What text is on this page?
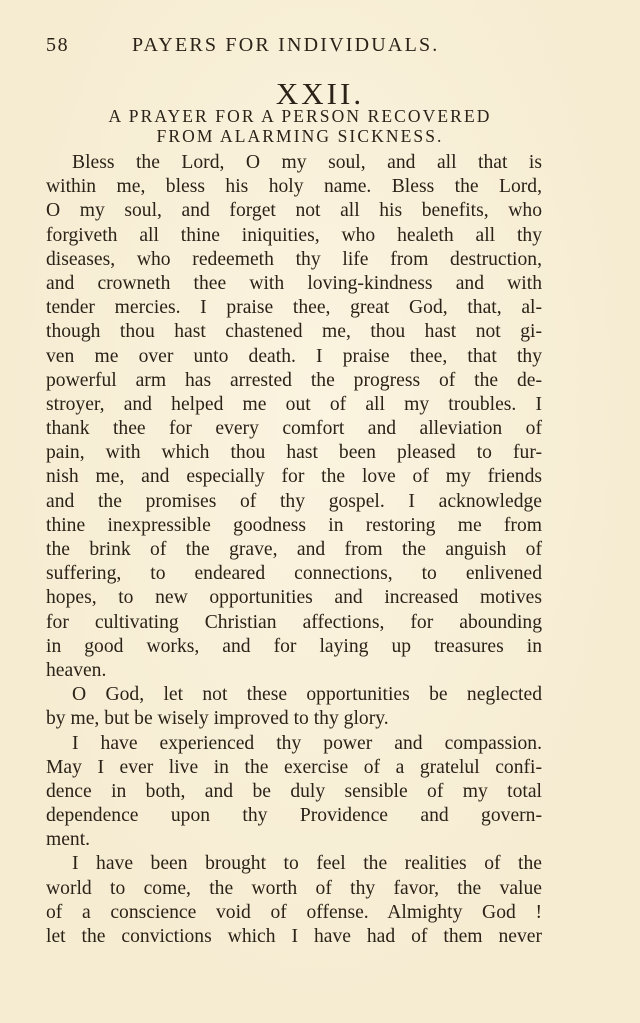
58	PAYERS FOR INDIVIDUALS.
XXII.
A PRAYER FOR A PERSON RECOVERED
FROM ALARMING SICKNESS.
Bless the Lord, O my soul, and all that is
within me, bless his holy name. Bless the Lord,
O my soul, and forget not all his benefits, who
forgiveth all thine iniquities, who healeth all thy
diseases, who redeemeth thy life from destruction,
and crowneth thee with loving-kindness and with
tender mercies. I praise thee, great God, that, al-
though thou hast chastened me, thou hast not gi-
ven me over unto death. I praise thee, that thy
powerful arm has arrested the progress of the de-
stroyer, and helped me out of all my troubles. I
thank thee for every comfort and alleviation of
pain, with which thou hast been pleased to fur-
nish me, and especially for the love of my friends
and the promises of thy gospel. I acknowledge
thine inexpressible goodness in restoring me from
the brink of the grave, and from the anguish of
suffering, to endeared connections, to enlivened
hopes, to new opportunities and increased motives
for cultivating Christian affections, for abounding
in good works, and for laying up treasures in
heaven.
O God, let not these opportunities be neglected
by me, but be wisely improved to thy glory.
I have experienced thy power and compassion.
May I ever live in the exercise of a gratelul confi-
dence in both, and be duly sensible of my total
dependence upon thy Providence and govern-
ment.
I have been brought to feel the realities of the
world to come, the worth of thy favor, the value
of a conscience void of offense. Almighty God !
let the convictions which I have had of them never
